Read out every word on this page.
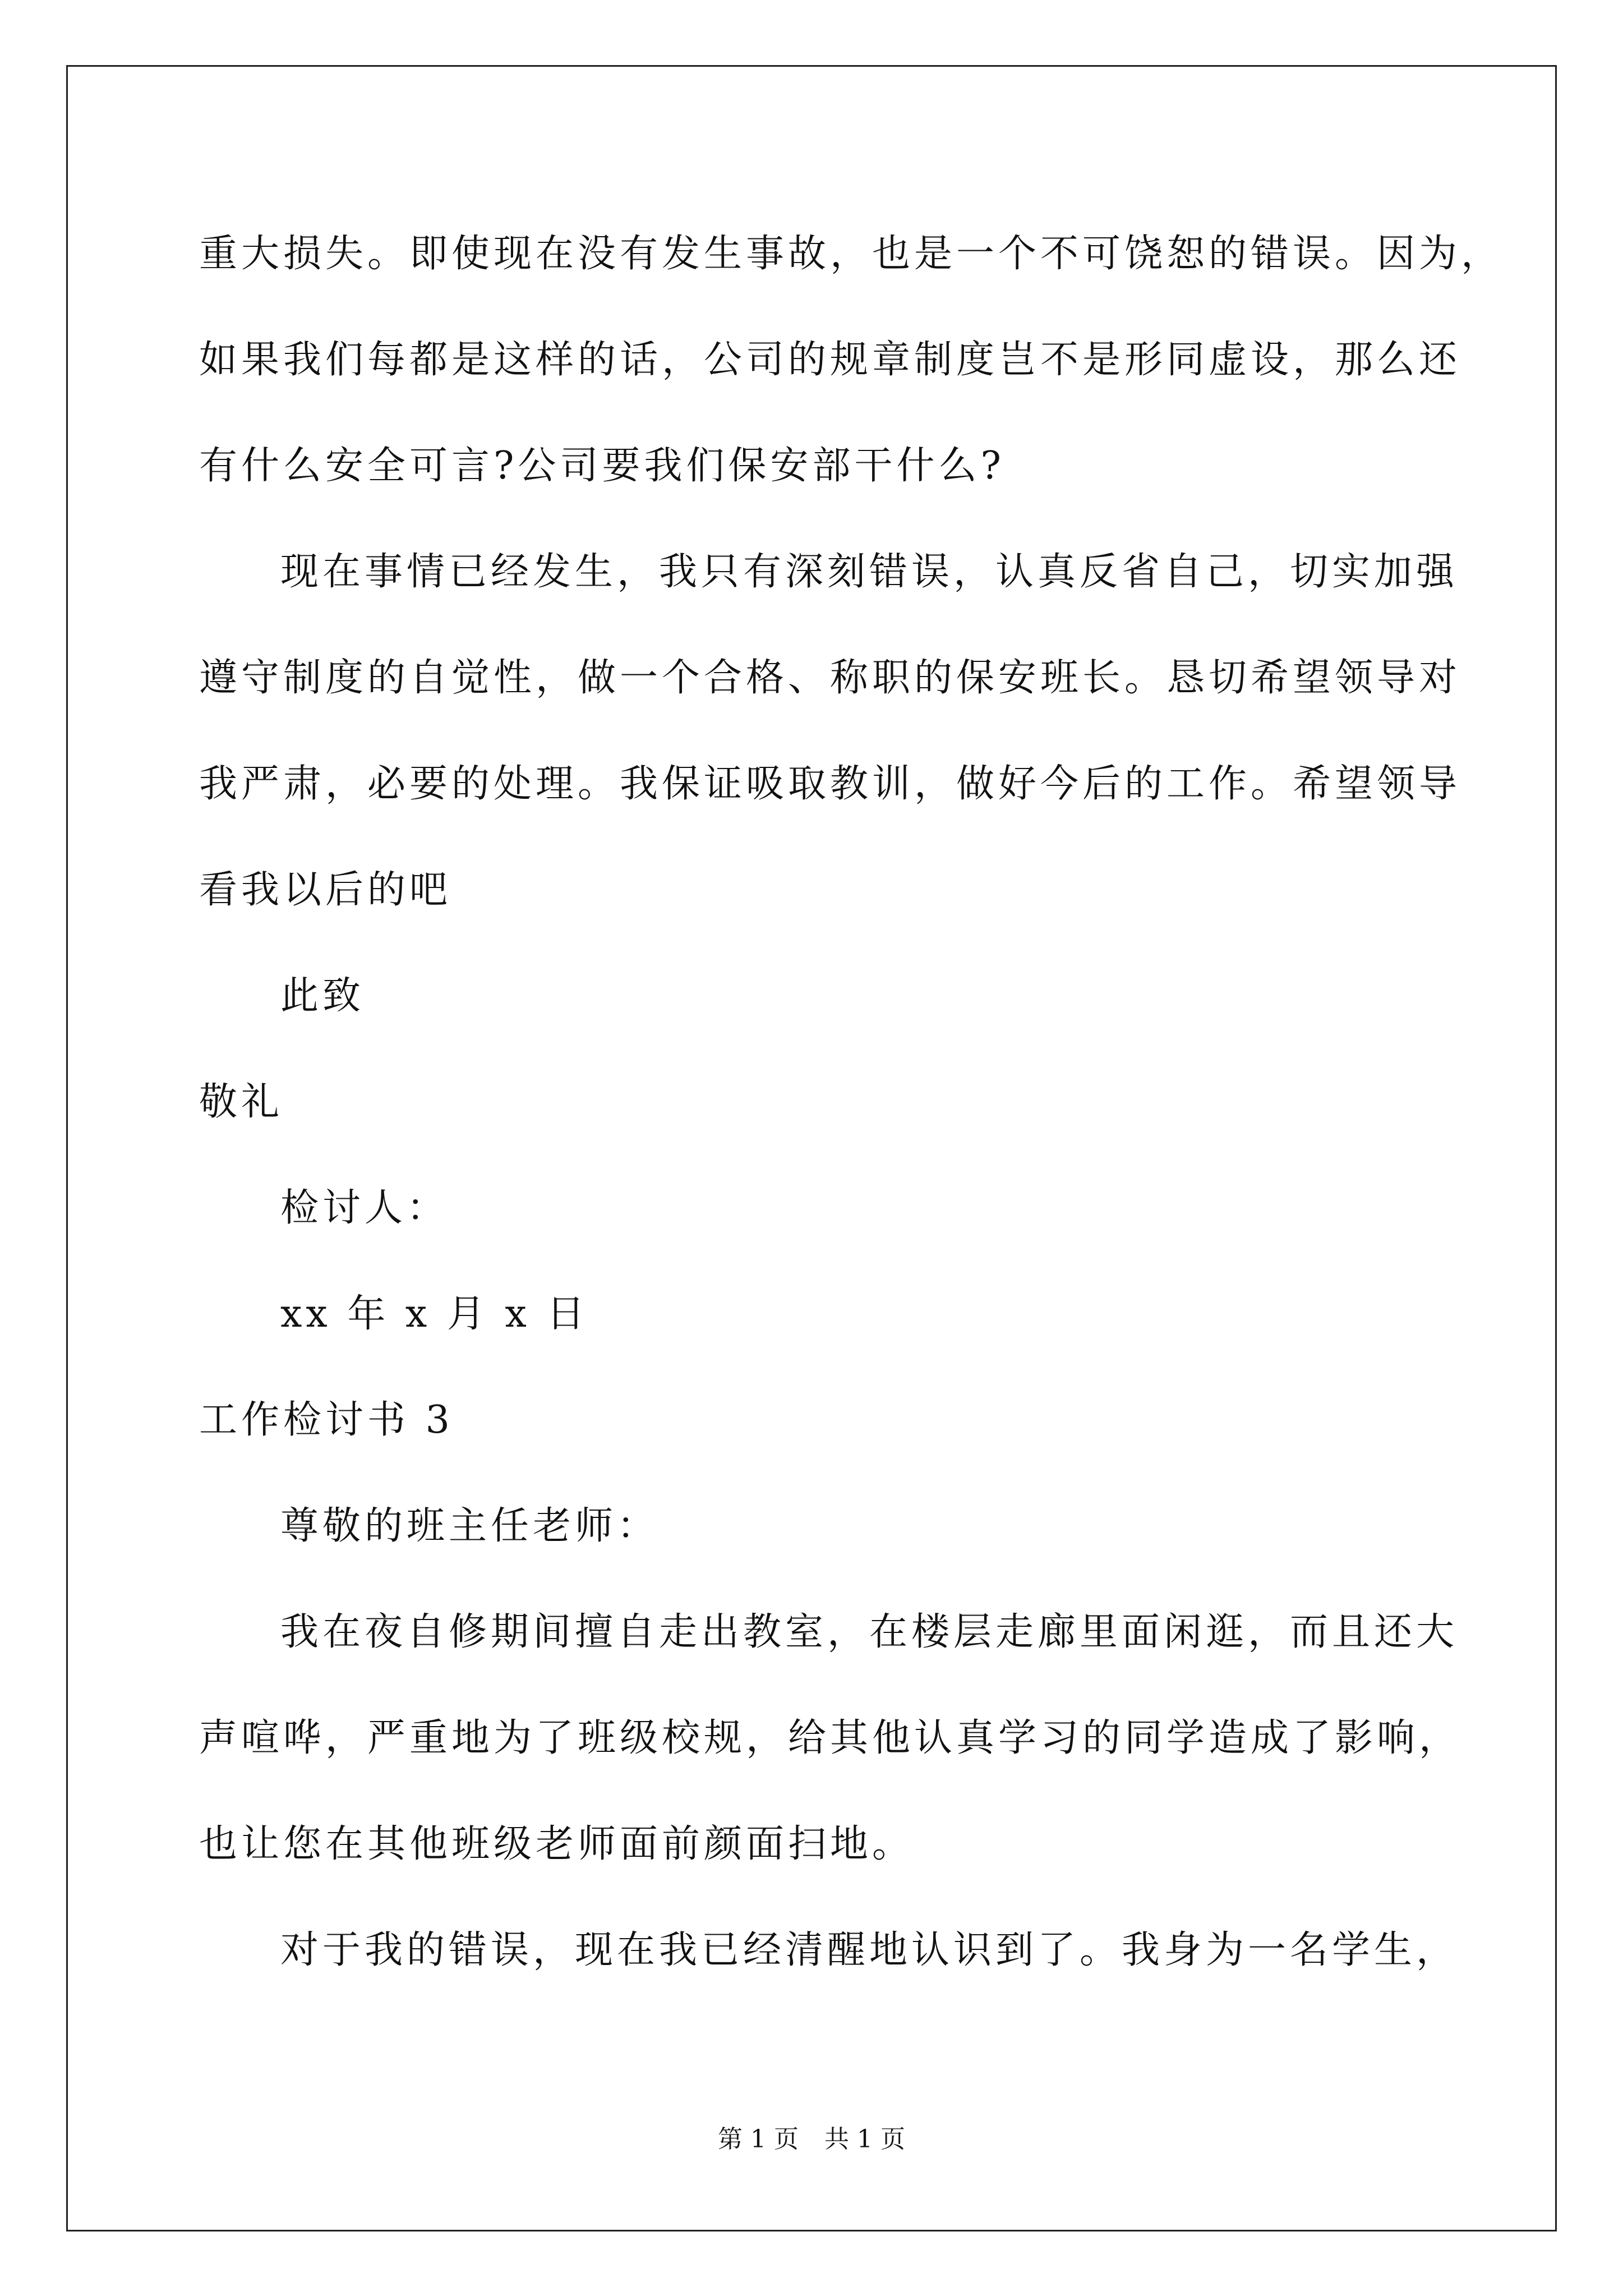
重大损失。即使现在没有发生事故，也是一个不可饶恕的错误。因为，
如果我们每都是这样的话，公司的规章制度岂不是形同虚设，那么还
有什么安全可言?公司要我们保安部干什么?
现在事情已经发生，我只有深刻错误，认真反省自己，切实加强
遵守制度的自觉性，做一个合格、称职的保安班长。恳切希望领导对
我严肃，必要的处理。我保证吸取教训，做好今后的工作。希望领导
看我以后的吧
此致
敬礼
检讨人：
xx 年 x 月 x 日
工作检讨书 3
尊敬的班主任老师：
我在夜自修期间擅自走出教室，在楼层走廊里面闲逛，而且还大
声喧哗，严重地为了班级校规，给其他认真学习的同学造成了影响，
也让您在其他班级老师面前颜面扫地。
对于我的错误，现在我已经清醒地认识到了。我身为一名学生，
第 1 页 共 1 页
